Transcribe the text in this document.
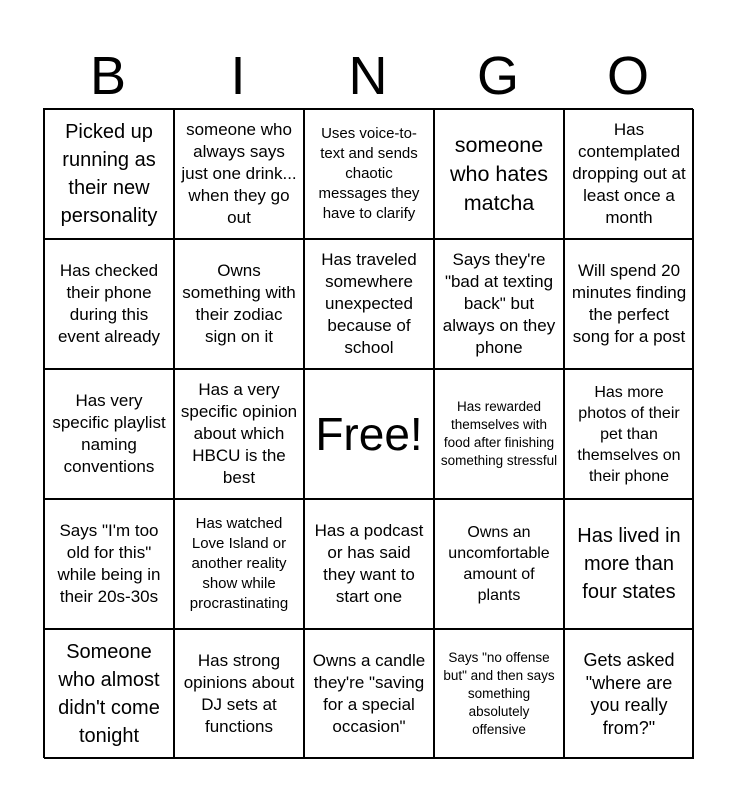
B	I	N	G	O
Picked up running as their new personality
someone who always says just one drink... when they go out
Uses voice-to-text and sends chaotic messages they have to clarify
someone who hates matcha
Has contemplated dropping out at least once a month
Has checked their phone during this event already
Owns something with their zodiac sign on it
Has traveled somewhere unexpected because of school
Says they're "bad at texting back" but always on they phone
Will spend 20 minutes finding the perfect song for a post
Has very specific playlist naming conventions
Has a very specific opinion about which HBCU is the best
Free!
Has rewarded themselves with food after finishing something stressful
Has more photos of their pet than themselves on their phone
Says "I'm too old for this" while being in their 20s-30s
Has watched Love Island or another reality show while procrastinating
Has a podcast or has said they want to start one
Owns an uncomfortable amount of plants
Has lived in more than four states
Someone who almost didn't come tonight
Has strong opinions about DJ sets at functions
Owns a candle they're "saving for a special occasion"
Says "no offense but" and then says something absolutely offensive
Gets asked "where are you really from?"
